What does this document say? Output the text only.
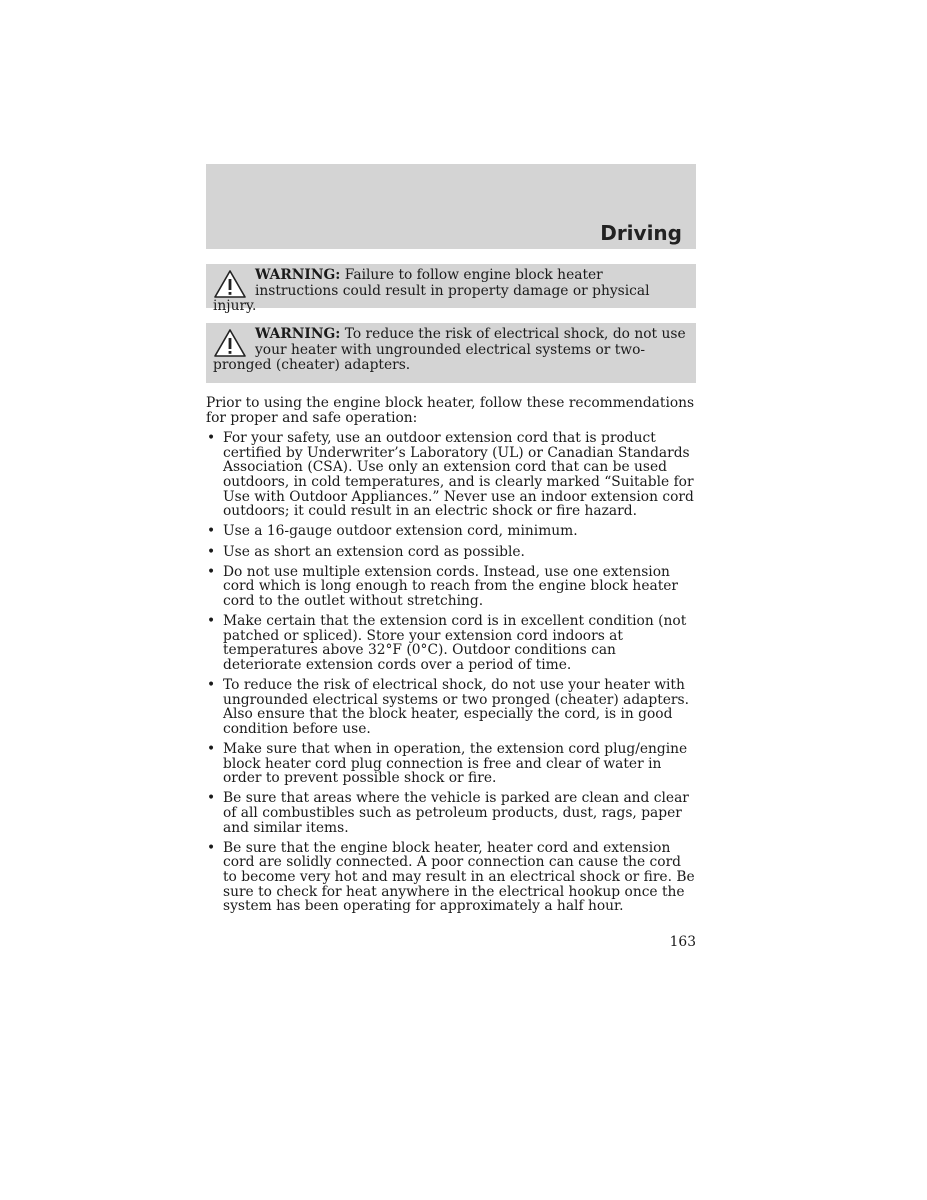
Driving
WARNING: Failure to follow engine block heater instructions could result in property damage or physical injury.
WARNING: To reduce the risk of electrical shock, do not use your heater with ungrounded electrical systems or two-pronged (cheater) adapters.

Prior to using the engine block heater, follow these recommendations for proper and safe operation:

• For your safety, use an outdoor extension cord that is product certified by Underwriter’s Laboratory (UL) or Canadian Standards Association (CSA). Use only an extension cord that can be used outdoors, in cold temperatures, and is clearly marked “Suitable for Use with Outdoor Appliances.” Never use an indoor extension cord outdoors; it could result in an electric shock or fire hazard.
• Use a 16-gauge outdoor extension cord, minimum.
• Use as short an extension cord as possible.
• Do not use multiple extension cords. Instead, use one extension cord which is long enough to reach from the engine block heater cord to the outlet without stretching.
• Make certain that the extension cord is in excellent condition (not patched or spliced). Store your extension cord indoors at temperatures above 32°F (0°C). Outdoor conditions can deteriorate extension cords over a period of time.
• To reduce the risk of electrical shock, do not use your heater with ungrounded electrical systems or two pronged (cheater) adapters. Also ensure that the block heater, especially the cord, is in good condition before use.
• Make sure that when in operation, the extension cord plug/engine block heater cord plug connection is free and clear of water in order to prevent possible shock or fire.
• Be sure that areas where the vehicle is parked are clean and clear of all combustibles such as petroleum products, dust, rags, paper and similar items.
• Be sure that the engine block heater, heater cord and extension cord are solidly connected. A poor connection can cause the cord to become very hot and may result in an electrical shock or fire. Be sure to check for heat anywhere in the electrical hookup once the system has been operating for approximately a half hour.
163
